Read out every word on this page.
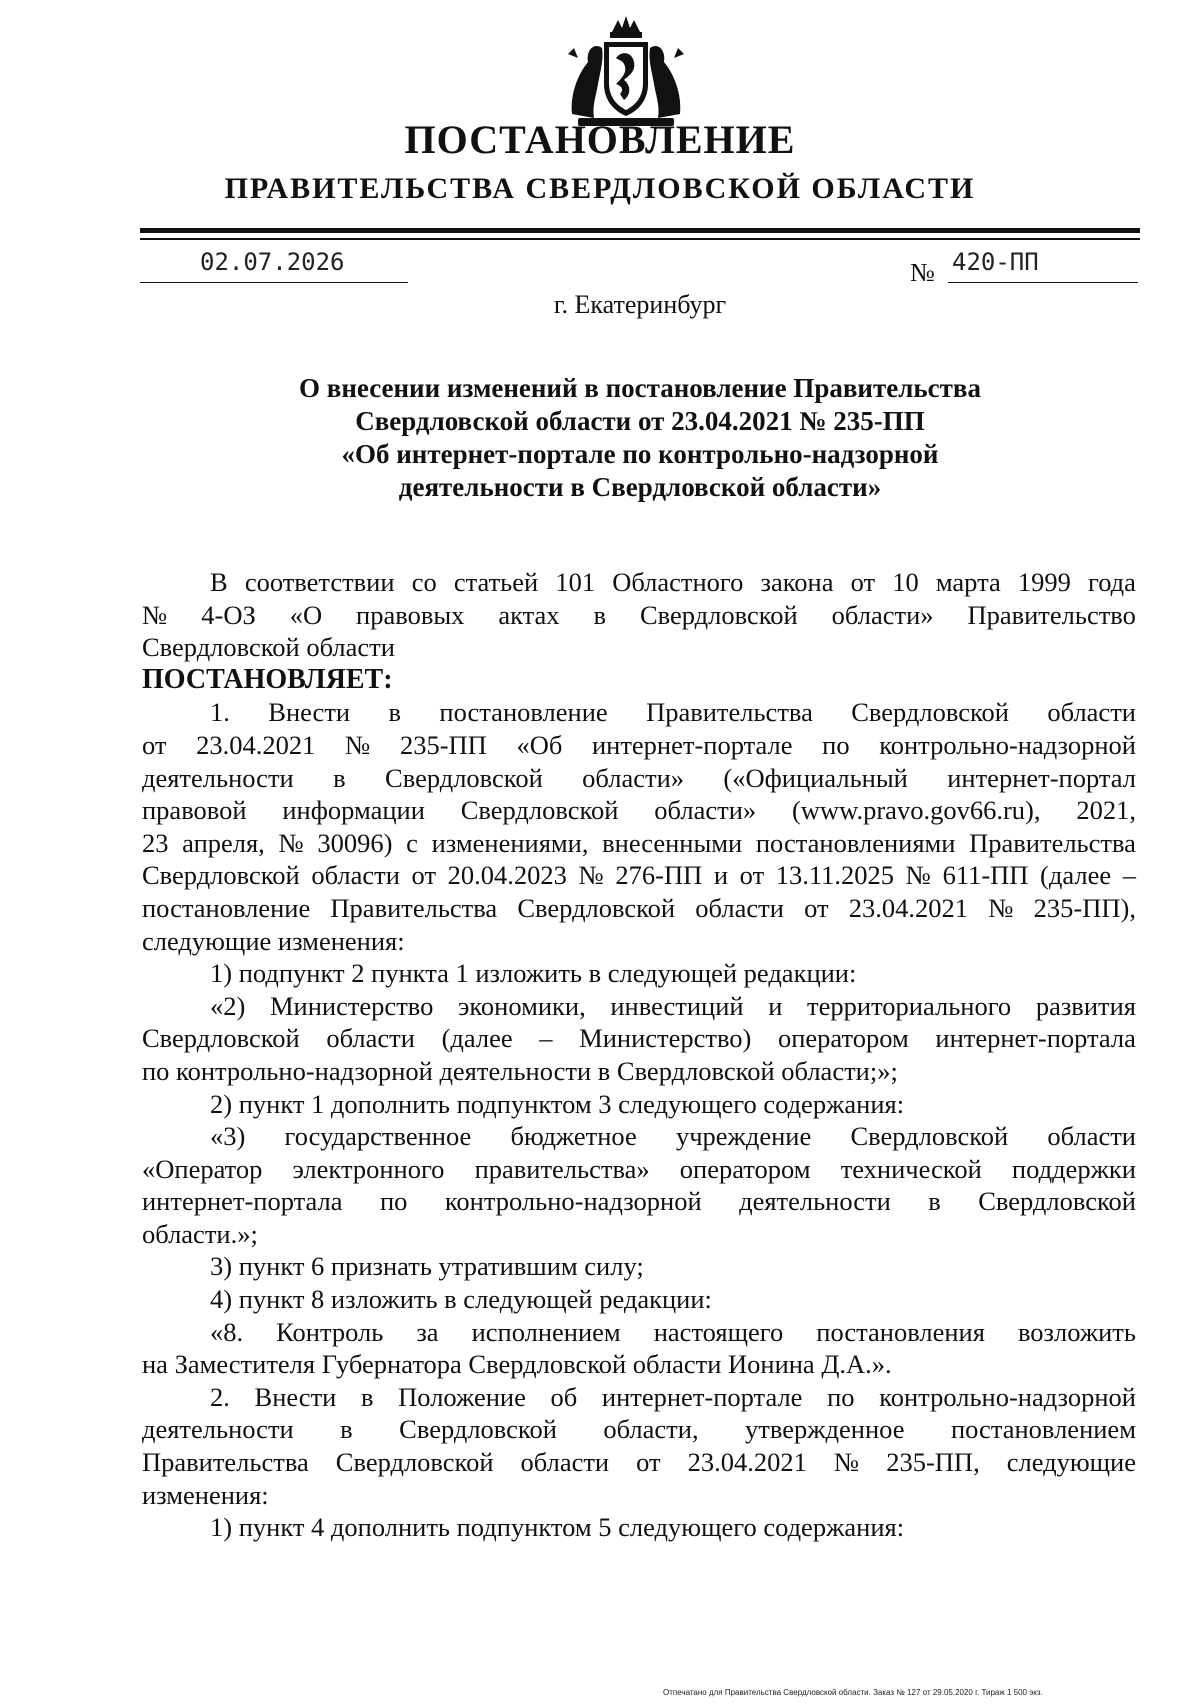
ПОСТАНОВЛЕНИЕ
ПРАВИТЕЛЬСТВА СВЕРДЛОВСКОЙ ОБЛАСТИ
02.07.2026	№ 420-ПП
г. Екатеринбург
О внесении изменений в постановление Правительства
Свердловской области от 23.04.2021 № 235-ПП
«Об интернет-портале по контрольно-надзорной
деятельности в Свердловской области»
В соответствии со статьей 101 Областного закона от 10 марта 1999 года
№ 4-ОЗ «О правовых актах в Свердловской области» Правительство
Свердловской области
ПОСТАНОВЛЯЕТ:
1. Внести в постановление Правительства Свердловской области
от 23.04.2021 № 235-ПП «Об интернет-портале по контрольно-надзорной
деятельности в Свердловской области» («Официальный интернет-портал
правовой информации Свердловской области» (www.pravo.gov66.ru), 2021,
23 апреля, № 30096) с изменениями, внесенными постановлениями Правительства
Свердловской области от 20.04.2023 № 276-ПП и от 13.11.2025 № 611-ПП (далее –
постановление Правительства Свердловской области от 23.04.2021 № 235-ПП),
следующие изменения:
1) подпункт 2 пункта 1 изложить в следующей редакции:
«2) Министерство экономики, инвестиций и территориального развития
Свердловской области (далее – Министерство) оператором интернет-портала
по контрольно-надзорной деятельности в Свердловской области;»;
2) пункт 1 дополнить подпунктом 3 следующего содержания:
«3) государственное бюджетное учреждение Свердловской области
«Оператор электронного правительства» оператором технической поддержки
интернет-портала по контрольно-надзорной деятельности в Свердловской
области.»;
3) пункт 6 признать утратившим силу;
4) пункт 8 изложить в следующей редакции:
«8. Контроль за исполнением настоящего постановления возложить
на Заместителя Губернатора Свердловской области Ионина Д.А.».
2. Внести в Положение об интернет-портале по контрольно-надзорной
деятельности в Свердловской области, утвержденное постановлением
Правительства Свердловской области от 23.04.2021 № 235-ПП, следующие
изменения:
1) пункт 4 дополнить подпунктом 5 следующего содержания:
Отпечатано для Правительства Свердловской области. Заказ № 127 от 29.05.2020 г. Тираж 1 500 экз.
